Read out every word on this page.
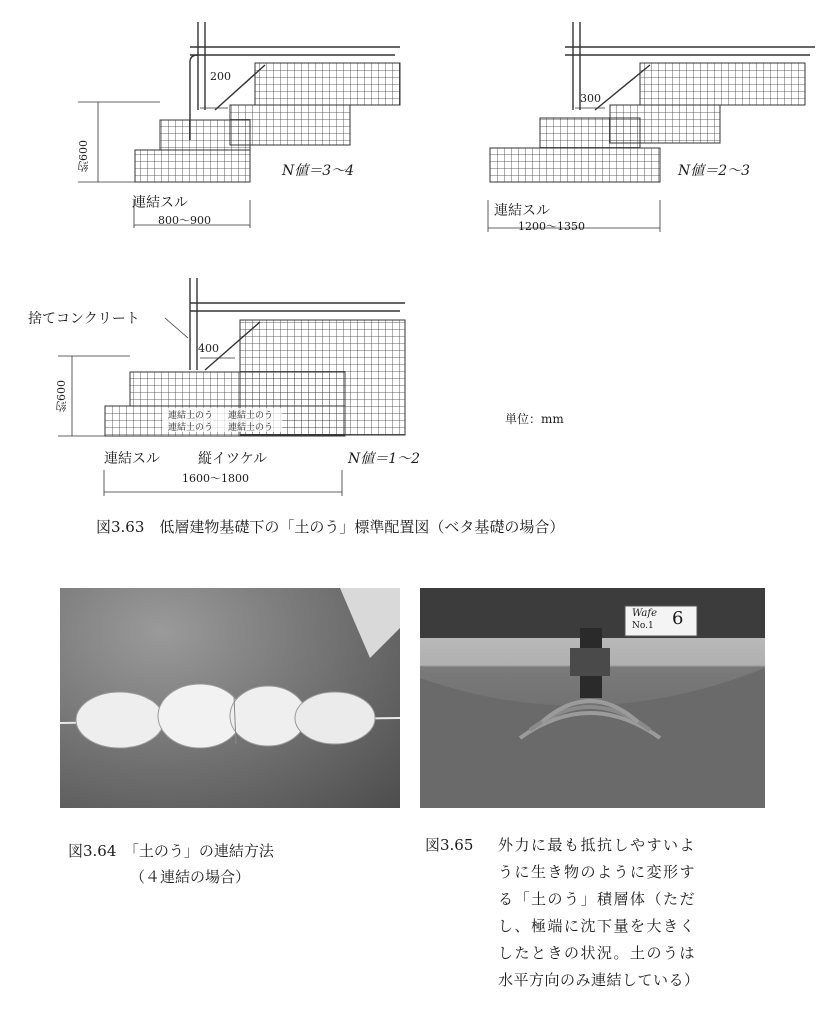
約600
200
N値＝3～4
連結スル
800～900
300
N値＝2～3
連結スル
1200～1350
捨てコンクリート
400
約600
連結土のう 連結土のう
連結土のう 連結土のう
連結スル	縦イツケル
1600～1800
N値＝1～2
単位：mm
図3.63　低層建物基礎下の「土のう」標準配置図（ベタ基礎の場合）
図3.64　「土のう」の連結方法
（４連結の場合）
Wafe
No.1 6
図3.65 外力に最も抵抗しやすいよ
うに生き物のように変形す
る「土のう」積層体（ただ
し、極端に沈下量を大きく
したときの状況。土のうは
水平方向のみ連結している）
